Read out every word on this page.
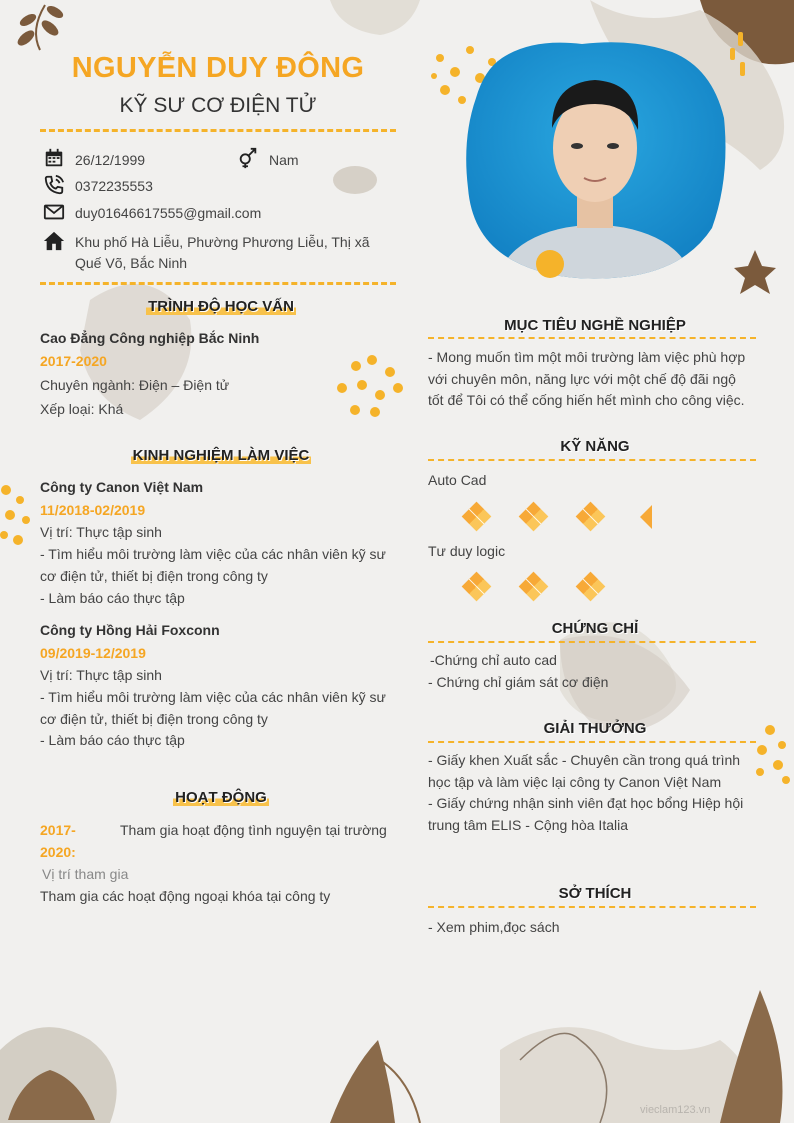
NGUYỄN DUY ĐÔNG
KỸ SƯ CƠ ĐIỆN TỬ
26/12/1999	Nam
0372235553
duy01646617555@gmail.com
Khu phố Hà Liễu, Phường Phương Liễu, Thị xã
Quế Võ, Bắc Ninh
TRÌNH ĐỘ HỌC VẤN
Cao Đẳng Công nghiệp Bắc Ninh
2017-2020
Chuyên ngành: Điện – Điện tử
Xếp loại: Khá
KINH NGHIỆM LÀM VIỆC
Công ty Canon Việt Nam
11/2018-02/2019
Vị trí: Thực tập sinh
- Tìm hiểu môi trường làm việc của các nhân viên kỹ sư
cơ điện tử, thiết bị điện trong công ty
- Làm báo cáo thực tập
Công ty Hồng Hải Foxconn
09/2019-12/2019
Vị trí: Thực tập sinh
- Tìm hiểu môi trường làm việc của các nhân viên kỹ sư
cơ điện tử, thiết bị điện trong công ty
- Làm báo cáo thực tập
HOẠT ĐỘNG
2017-
2020:
Tham gia hoạt động tình nguyện tại trường
Vị trí tham gia
Tham gia các hoạt động ngoại khóa tại công ty
MỤC TIÊU NGHỀ NGHIỆP
- Mong muốn tìm một môi trường làm việc phù hợp
với chuyên môn, năng lực với một chế độ đãi ngộ
tốt để Tôi có thể cống hiến hết mình cho công việc.
KỸ NĂNG
Auto Cad
Tư duy logic
CHỨNG CHỈ
-Chứng chỉ auto cad
- Chứng chỉ giám sát cơ điện
GIẢI THƯỞNG
- Giấy khen Xuất sắc - Chuyên cần trong quá trình
học tập và làm việc lại công ty Canon Việt Nam
- Giấy chứng nhận sinh viên đạt học bổng Hiệp hội
trung tâm ELIS - Cộng hòa Italia
SỞ THÍCH
- Xem phim,đọc sách
vieclam123.vn
